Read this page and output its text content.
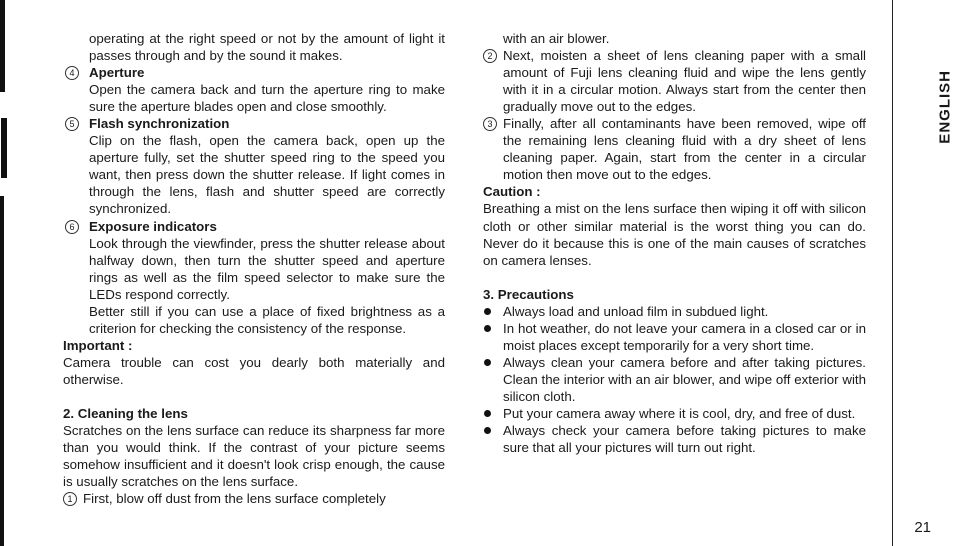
operating at the right speed or not by the amount of light it passes through and by the sound it makes.
4	Aperture
Open the camera back and turn the aperture ring to make sure the aperture blades open and close smoothly.
5	Flash synchronization
Clip on the flash, open the camera back, open up the aperture fully, set the shutter speed ring to the speed you want, then press down the shutter release. If light comes in through the lens, flash and shutter speed are correctly synchronized.
6	Exposure indicators
Look through the viewfinder, press the shutter release about halfway down, then turn the shutter speed and aperture rings as well as the film speed selector to make sure the LEDs respond correctly.
Better still if you can use a place of fixed brightness as a criterion for checking the consistency of the response.
Important :
Camera trouble can cost you dearly both materially and otherwise.
2. Cleaning the lens
Scratches on the lens surface can reduce its sharpness far more than you would think. If the contrast of your picture seems somehow insufficient and it doesn't look crisp enough, the cause is usually scratches on the lens surface.
1 First, blow off dust from the lens surface completely
with an air blower.
2 Next, moisten a sheet of lens cleaning paper with a small amount of Fuji lens cleaning fluid and wipe the lens gently with it in a circular motion. Always start from the center then gradually move out to the edges.
3 Finally, after all contaminants have been removed, wipe off the remaining lens cleaning fluid with a dry sheet of lens cleaning paper. Again, start from the center in a circular motion then move out to the edges.
Caution :
Breathing a mist on the lens surface then wiping it off with silicon cloth or other similar material is the worst thing you can do. Never do it because this is one of the main causes of scratches on camera lenses.
3. Precautions
Always load and unload film in subdued light.
In hot weather, do not leave your camera in a closed car or in moist places except temporarily for a very short time.
Always clean your camera before and after taking pictures. Clean the interior with an air blower, and wipe off exterior with silicon cloth.
Put your camera away where it is cool, dry, and free of dust.
Always check your camera before taking pictures to make sure that all your pictures will turn out right.
ENGLISH
21
